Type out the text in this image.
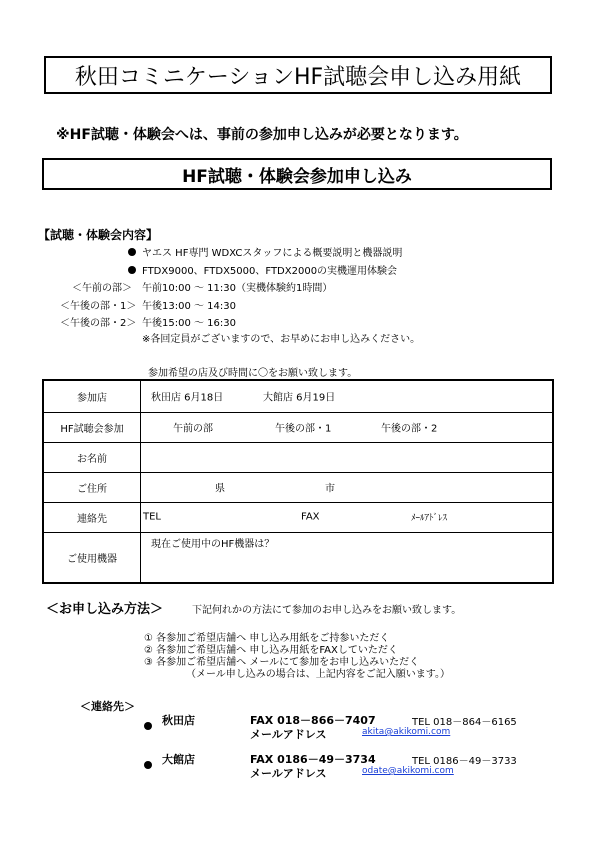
秋田コミニケーションHF試聴会申し込み用紙
※HF試聴・体験会へは、事前の参加申し込みが必要となります。
HF試聴・体験会参加申し込み
【試聴・体験会内容】
ヤエス HF専門 WDXCスタッフによる概要説明と機器説明
FTDX9000、FTDX5000、FTDX2000の実機運用体験会
＜午前の部＞ 午前10:00 ～ 11:30（実機体験約1時間）
＜午後の部・1＞ 午後13:00 ～ 14:30
＜午後の部・2＞ 午後15:00 ～ 16:30
※各回定員がございますので、お早めにお申し込みください。
参加希望の店及び時間に〇をお願い致します。
参加店	秋田店 6月18日 大館店 6月19日

HF試聴会参加	午前の部 午後の部・1 午後の部・2

お名前	
ご住所	県 市

連絡先	TEL FAX ﾒｰﾙｱﾄﾞﾚｽ

ご使用機器	現在ご使用中のHF機器は？
＜お申し込み方法＞	下記何れかの方法にて参加のお申し込みをお願い致します。
① 各参加ご希望店舗へ 申し込み用紙をご持参いただく
② 各参加ご希望店舗へ 申し込み用紙をFAXしていただく
③ 各参加ご希望店舗へ メールにて参加をお申し込みいただく
（メール申し込みの場合は、上記内容をご記入願います。）
＜連絡先＞
秋田店	FAX 018－866－7407	TEL 018－864－6165
メールアドレス	akita@akikomi.com
大館店	FAX 0186－49－3734	TEL 0186－49－3733
メールアドレス	odate@akikomi.com
